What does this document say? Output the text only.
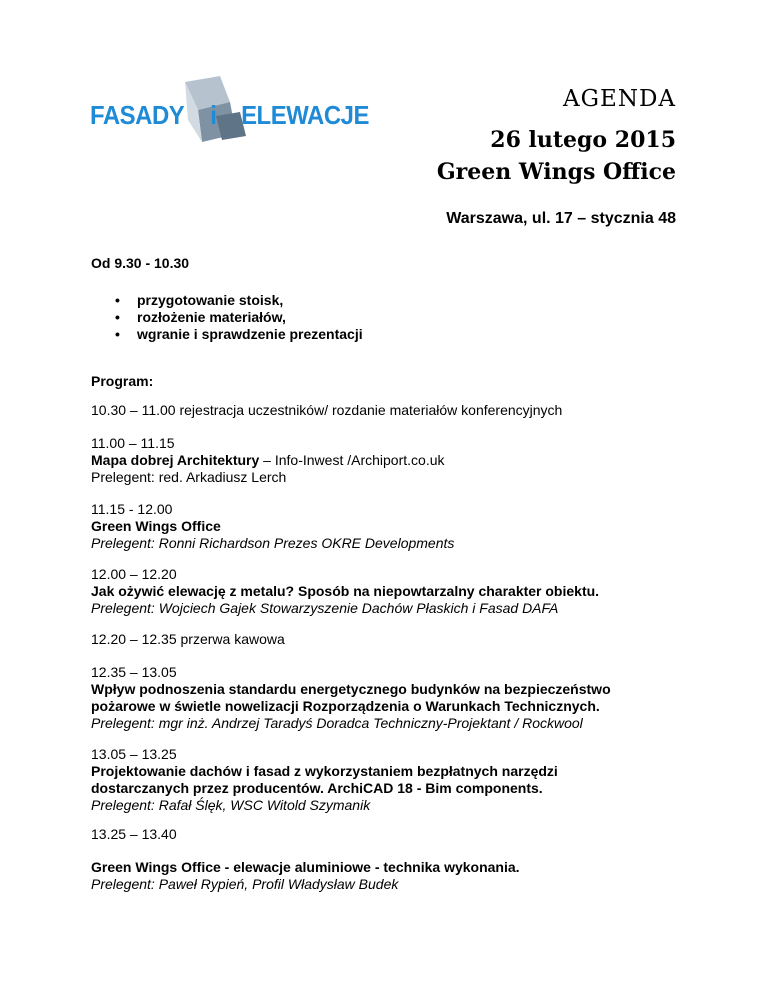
FASADY i ELEWACJE
AGENDA
26 lutego 2015
Green Wings Office
Warszawa, ul. 17 – stycznia 48
Od 9.30 - 10.30
• przygotowanie stoisk,
• rozłożenie materiałów,
• wgranie i sprawdzenie prezentacji
Program:
10.30 – 11.00 rejestracja uczestników/ rozdanie materiałów konferencyjnych
11.00 – 11.15
Mapa dobrej Architektury – Info-Inwest /Archiport.co.uk
Prelegent: red. Arkadiusz Lerch
11.15 - 12.00
Green Wings Office
Prelegent: Ronni Richardson Prezes OKRE Developments
12.00 – 12.20
Jak ożywić elewację z metalu? Sposób na niepowtarzalny charakter obiektu.
Prelegent: Wojciech Gajek Stowarzyszenie Dachów Płaskich i Fasad DAFA
12.20 – 12.35 przerwa kawowa
12.35 – 13.05
Wpływ podnoszenia standardu energetycznego budynków na bezpieczeństwo
pożarowe w świetle nowelizacji Rozporządzenia o Warunkach Technicznych.
Prelegent: mgr inż. Andrzej Taradyś Doradca Techniczny-Projektant / Rockwool
13.05 – 13.25
Projektowanie dachów i fasad z wykorzystaniem bezpłatnych narzędzi
dostarczanych przez producentów. ArchiCAD 18 - Bim components.
Prelegent: Rafał Ślęk, WSC Witold Szymanik
13.25 – 13.40
Green Wings Office - elewacje aluminiowe - technika wykonania.
Prelegent: Paweł Rypień, Profil Władysław Budek
